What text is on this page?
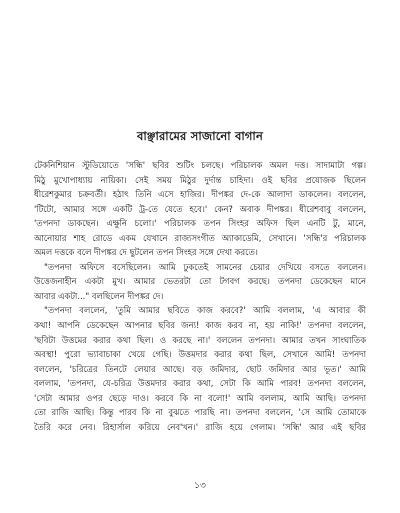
বাঞ্ছারামের সাজানো বাগান
টেকনিশিয়ান স্টুডিয়োতে 'সন্ধি' ছবির শুটিং চলছে। পরিচালক অমল দত্ত। সাদামাটা গল্প।
মিঠু মুখোপাধ্যায় নায়িকা। সেই সময় মিঠুর দুর্দান্ত চাহিদা। ওই ছবির প্রযোজক ছিলেন
ধীরেশকুমার চক্রবর্তী। হঠাৎ তিনি এসে হাজির। দীপঙ্কর দে-কে আলাদা ডাকলেন। বললেন,
'টিটো, আমার সঙ্গে একটি ট্র-তে যেতে হবে।' কেন? অবাক দীপঙ্কর। ধীরেশবাবু বললেন,
'তপনদা ডাকছেন। এক্ষুনি চলো।' পরিচালক তপন সিংহর অফিস ছিল এনটি টু, মানে,
আনোয়ার শাহ রোডে একম যেখানে রাজ্যসংগীত অ্যাকাডেমি, সেখানে। 'সন্ধি'র পরিচালক
অমল দত্তকে বলে দীপঙ্কর দে ছুটলেন তপন সিংহর সঙ্গে দেখা করতে।
"তপনদা অফিসে বসেছিলেন। আমি ঢুকতেই সামনের চেয়ার দেখিয়ে বসতে বললেন।
উত্তেজনাহীন একটা মুখ। আমার ভেতরটা তো টগবগ করছে। তপনদা ডেকেছেন মানে
আবার একটা..." বলছিলেন দীপঙ্কর দে।
"তপনদা বললেন, 'তুমি আমার ছবিতে কাজ করবে?' আমি বললাম, 'এ আবার কী
কথা! আপনি ডেকেছেন আপনার ছবির জন্য! কাজ করব না, হয় নাকি!' তপনদা বললেন,
'ছবিটা উত্তমের করার কথা ছিল। ও করছে না।' বললেন তপনদা। আমার তখন সাংঘাতিক
অবস্থা! পুরো ভ্যাবাচাকা খেয়ে গেছি। উত্তমদার করার কথা ছিল, সেখানে আমি! তপনদা
বললেন, 'চরিত্রের তিনটে লেয়ার আছে। বড় জমিদার, ছোট জমিদার আর ভূত।' আমি
বললাম, 'তপনদা, যে-চরিত্র উত্তমদার করার কথা, সেটা কি আমি পারব! তপনদা বললেন,
'সেটা আমার ওপর ছেড়ে দাও। করবে কি না বলো!' আমি বললাম, আমি আছি। তপনদা
তো রাজি আছি। কিন্তু পারব কি না বুঝতে পারছি না। তপনদা বললেন, 'সে আমি তোমাকে
তৈরি করে নেব। রিহার্সাল করিয়ে নেব'খন।' রাজি হয়ে গেলাম। 'সন্ধি' আর এই ছবির
১৩
